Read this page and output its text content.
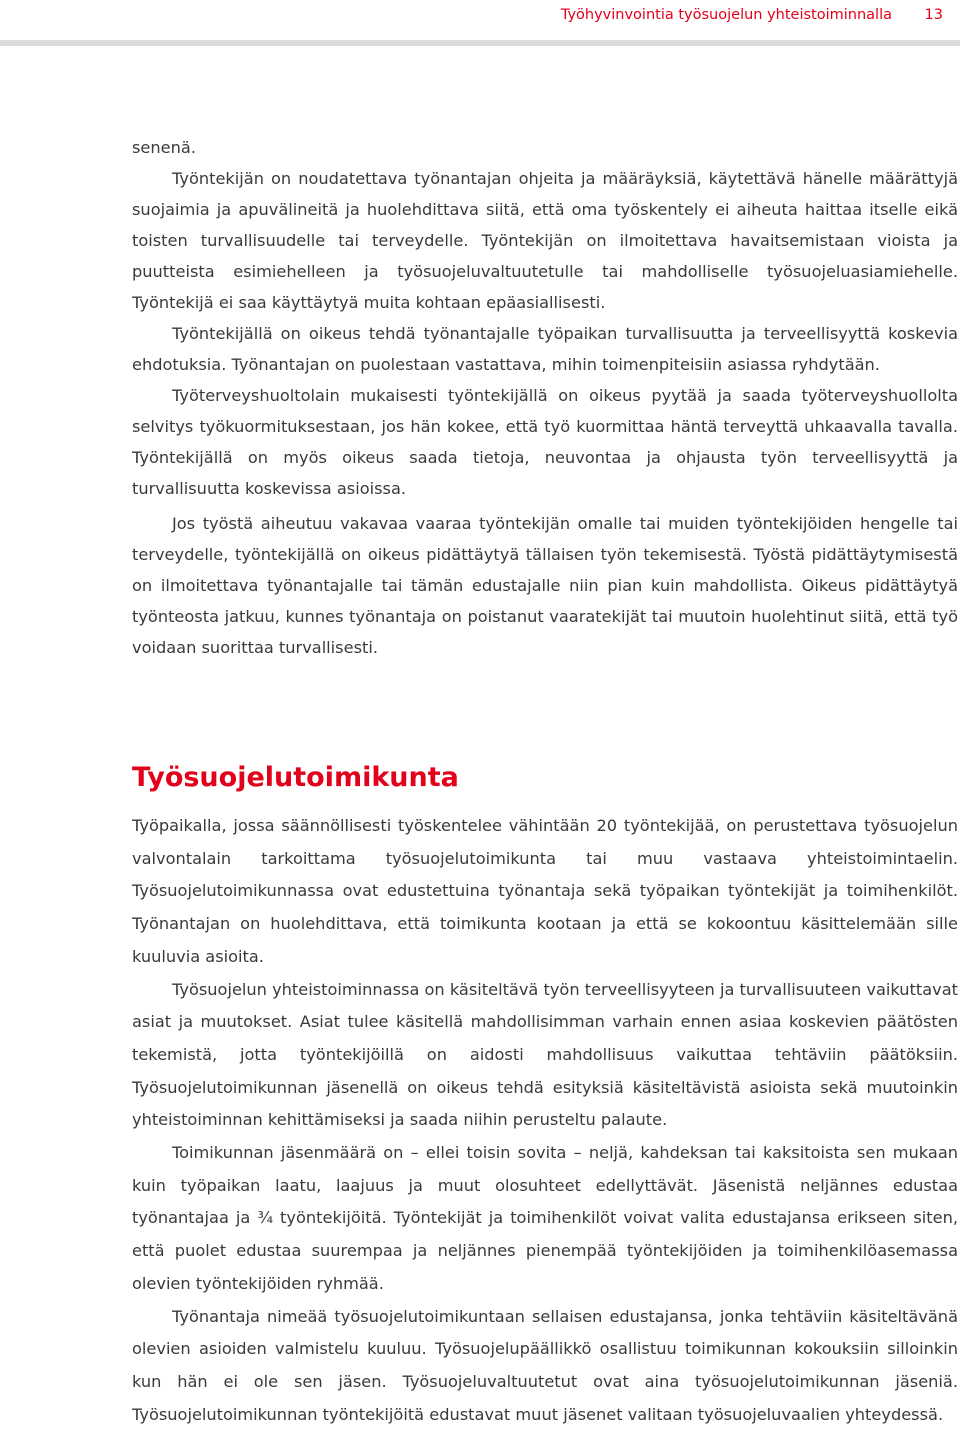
Työhyvinvointia työsuojelun yhteistoiminnalla 13

senenä.

Työntekijän on noudatettava työnantajan ohjeita ja määräyksiä, käytettävä hänelle määrättyjä suojaimia ja apuvälineitä ja huolehdittava siitä, että oma työskentely ei aiheuta haittaa itselle eikä toisten turvallisuudelle tai terveydelle. Työntekijän on ilmoitettava havaitsemistaan vioista ja puutteista esimiehelleen ja työsuojeluvaltuutetulle tai mahdolliselle työsuojeluasiamiehelle. Työntekijä ei saa käyttäytyä muita kohtaan epäasiallisesti.

Työntekijällä on oikeus tehdä työnantajalle työpaikan turvallisuutta ja terveellisyyttä koskevia ehdotuksia. Työnantajan on puolestaan vastattava, mihin toimenpiteisiin asiassa ryhdytään.

Työterveyshuoltolain mukaisesti työntekijällä on oikeus pyytää ja saada työterveyshuollolta selvitys työkuormituksestaan, jos hän kokee, että työ kuormittaa häntä terveyttä uhkaavalla tavalla. Työntekijällä on myös oikeus saada tietoja, neuvontaa ja ohjausta työn terveellisyyttä ja turvallisuutta koskevissa asioissa.

Jos työstä aiheutuu vakavaa vaaraa työntekijän omalle tai muiden työntekijöiden hengelle tai terveydelle, työntekijällä on oikeus pidättäytyä tällaisen työn tekemisestä. Työstä pidättäytymisestä on ilmoitettava työnantajalle tai tämän edustajalle niin pian kuin mahdollista. Oikeus pidättäytyä työnteosta jatkuu, kunnes työnantaja on poistanut vaaratekijät tai muutoin huolehtinut siitä, että työ voidaan suorittaa turvallisesti.

Työsuojelutoimikunta

Työpaikalla, jossa säännöllisesti työskentelee vähintään 20 työntekijää, on perustettava työsuojelun valvontalain tarkoittama työsuojelutoimikunta tai muu vastaava yhteistoimintaelin. Työsuojelutoimikunnassa ovat edustettuina työnantaja sekä työpaikan työntekijät ja toimihenkilöt. Työnantajan on huolehdittava, että toimikunta kootaan ja että se kokoontuu käsittelemään sille kuuluvia asioita.

Työsuojelun yhteistoiminnassa on käsiteltävä työn terveellisyyteen ja turvallisuuteen vaikuttavat asiat ja muutokset. Asiat tulee käsitellä mahdollisimman varhain ennen asiaa koskevien päätösten tekemistä, jotta työntekijöillä on aidosti mahdollisuus vaikuttaa tehtäviin päätöksiin. Työsuojelutoimikunnan jäsenellä on oikeus tehdä esityksiä käsiteltävistä asioista sekä muutoinkin yhteistoiminnan kehittämiseksi ja saada niihin perusteltu palaute.

Toimikunnan jäsenmäärä on – ellei toisin sovita – neljä, kahdeksan tai kaksitoista sen mukaan kuin työpaikan laatu, laajuus ja muut olosuhteet edellyttävät. Jäsenistä neljännes edustaa työnantajaa ja ¾ työntekijöitä. Työntekijät ja toimihenkilöt voivat valita edustajansa erikseen siten, että puolet edustaa suurempaa ja neljännes pienempää työntekijöiden ja toimihenkilöasemassa olevien työntekijöiden ryhmää.

Työnantaja nimeää työsuojelutoimikuntaan sellaisen edustajansa, jonka tehtäviin käsiteltävänä olevien asioiden valmistelu kuuluu. Työsuojelupäällikkö osallistuu toimikunnan kokouksiin silloinkin kun hän ei ole sen jäsen. Työsuojeluvaltuutetut ovat aina työsuojelutoimikunnan jäseniä. Työsuojelutoimikunnan työntekijöitä edustavat muut jäsenet valitaan työsuojeluvaalien yhteydessä.
